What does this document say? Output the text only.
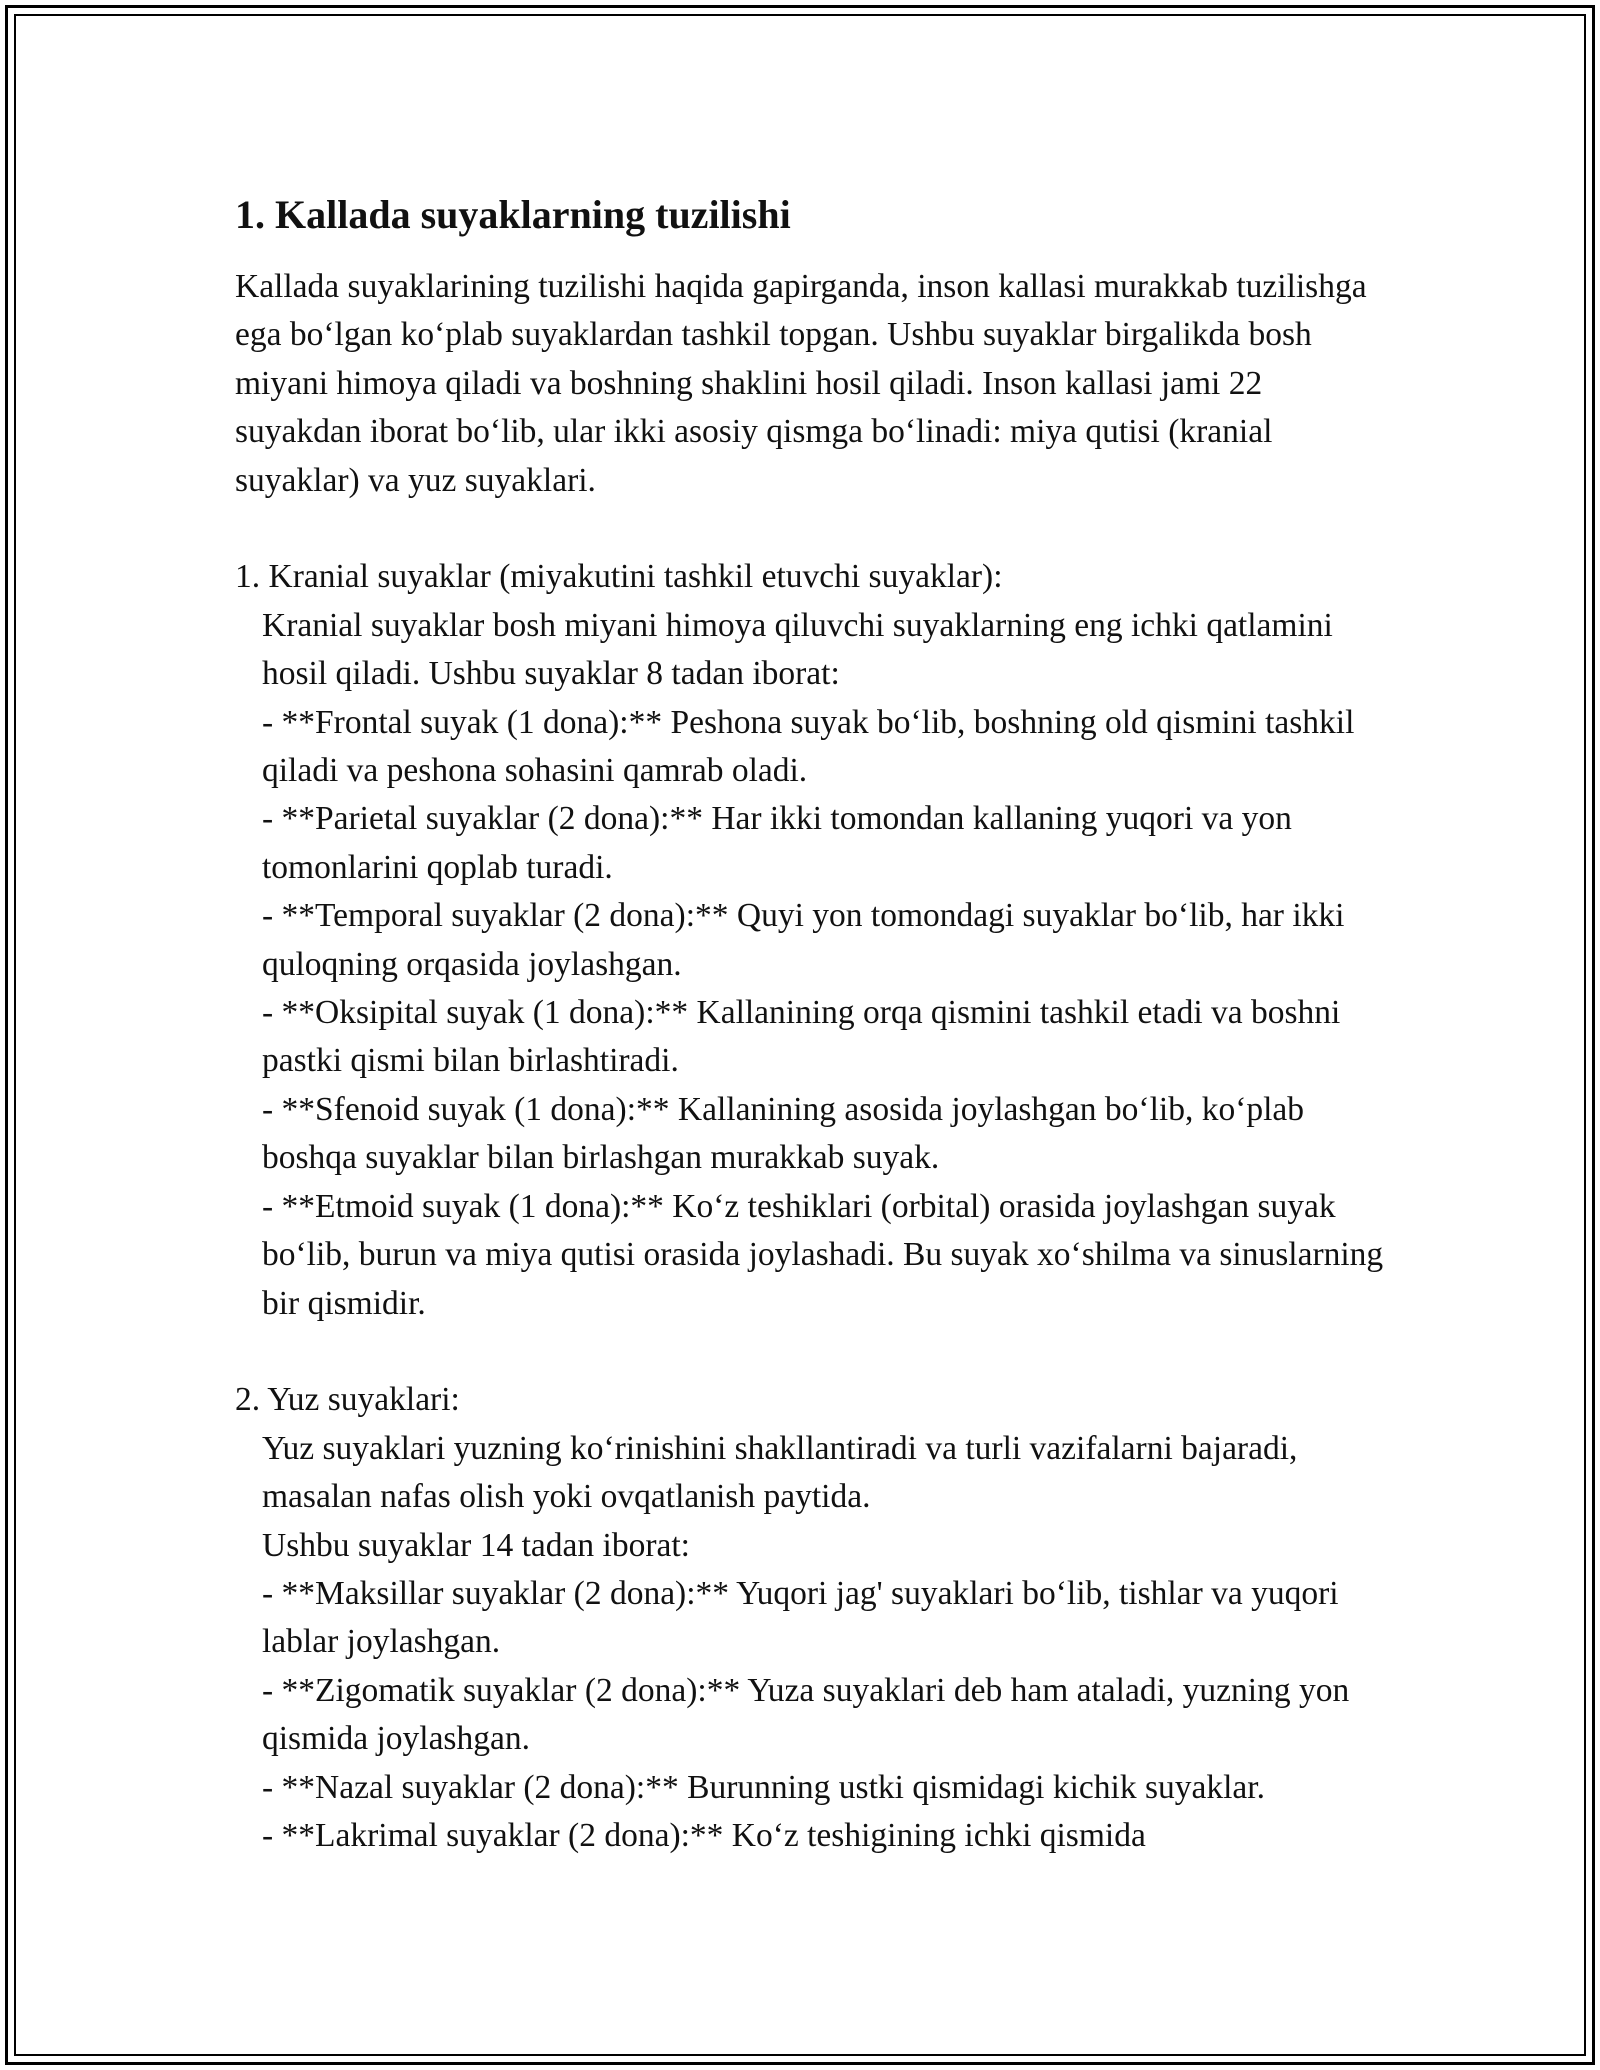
1. Kallada suyaklarning tuzilishi

Kallada suyaklarining tuzilishi haqida gapirganda, inson kallasi murakkab tuzilishga ega bo‘lgan ko‘plab suyaklardan tashkil topgan. Ushbu suyaklar birgalikda bosh miyani himoya qiladi va boshning shaklini hosil qiladi. Inson kallasi jami 22 suyakdan iborat bo‘lib, ular ikki asosiy qismga bo‘linadi: miya qutisi (kranial suyaklar) va yuz suyaklari.

1. Kranial suyaklar (miyakutini tashkil etuvchi suyaklar):

Kranial suyaklar bosh miyani himoya qiluvchi suyaklarning eng ichki qatlamini hosil qiladi. Ushbu suyaklar 8 tadan iborat:

- **Frontal suyak (1 dona):** Peshona suyak bo‘lib, boshning old qismini tashkil qiladi va peshona sohasini qamrab oladi.

- **Parietal suyaklar (2 dona):** Har ikki tomondan kallaning yuqori va yon tomonlarini qoplab turadi.

- **Temporal suyaklar (2 dona):** Quyi yon tomondagi suyaklar bo‘lib, har ikki quloqning orqasida joylashgan.

- **Oksipital suyak (1 dona):** Kallanining orqa qismini tashkil etadi va boshni pastki qismi bilan birlashtiradi.

- **Sfenoid suyak (1 dona):** Kallanining asosida joylashgan bo‘lib, ko‘plab boshqa suyaklar bilan birlashgan murakkab suyak.

- **Etmoid suyak (1 dona):** Ko‘z teshiklari (orbital) orasida joylashgan suyak bo‘lib, burun va miya qutisi orasida joylashadi. Bu suyak xo‘shilma va sinuslarning bir qismidir.

2. Yuz suyaklari:

Yuz suyaklari yuzning ko‘rinishini shakllantiradi va turli vazifalarni bajaradi, masalan nafas olish yoki ovqatlanish paytida.

Ushbu suyaklar 14 tadan iborat:

- **Maksillar suyaklar (2 dona):** Yuqori jag' suyaklari bo‘lib, tishlar va yuqori lablar joylashgan.

- **Zigomatik suyaklar (2 dona):** Yuza suyaklari deb ham ataladi, yuzning yon qismida joylashgan.

- **Nazal suyaklar (2 dona):** Burunning ustki qismidagi kichik suyaklar.

- **Lakrimal suyaklar (2 dona):** Ko‘z teshigining ichki qismida
